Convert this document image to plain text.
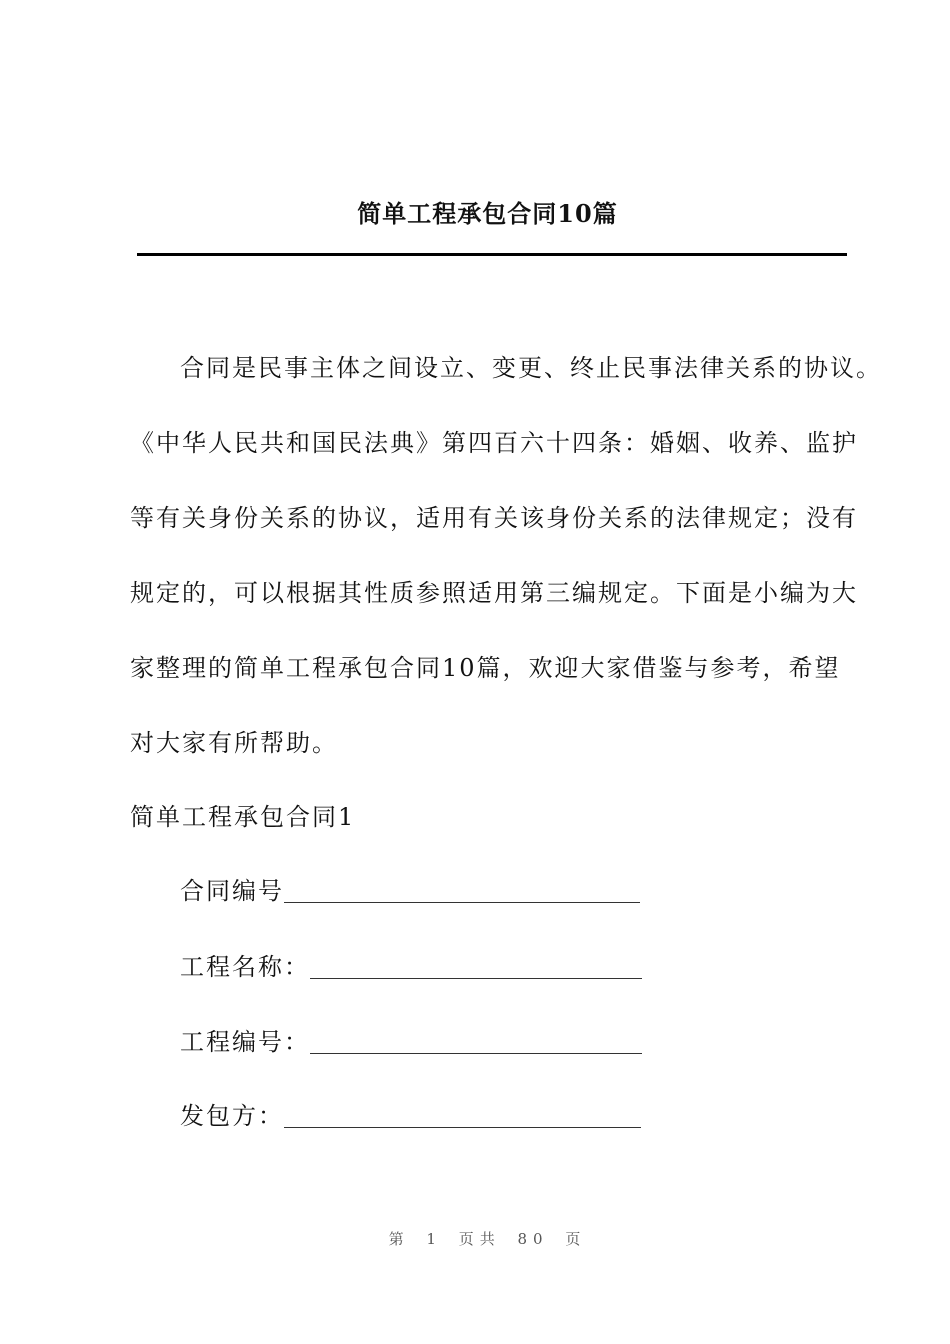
简单工程承包合同10篇
合同是民事主体之间设立、变更、终止民事法律关系的协议。
《中华人民共和国民法典》第四百六十四条：婚姻、收养、监护
等有关身份关系的协议，适用有关该身份关系的法律规定；没有
规定的，可以根据其性质参照适用第三编规定。下面是小编为大
家整理的简单工程承包合同10篇，欢迎大家借鉴与参考，希望
对大家有所帮助。
简单工程承包合同1
合同编号
工程名称：
工程编号：
发包方：
第 1 页共 80 页
